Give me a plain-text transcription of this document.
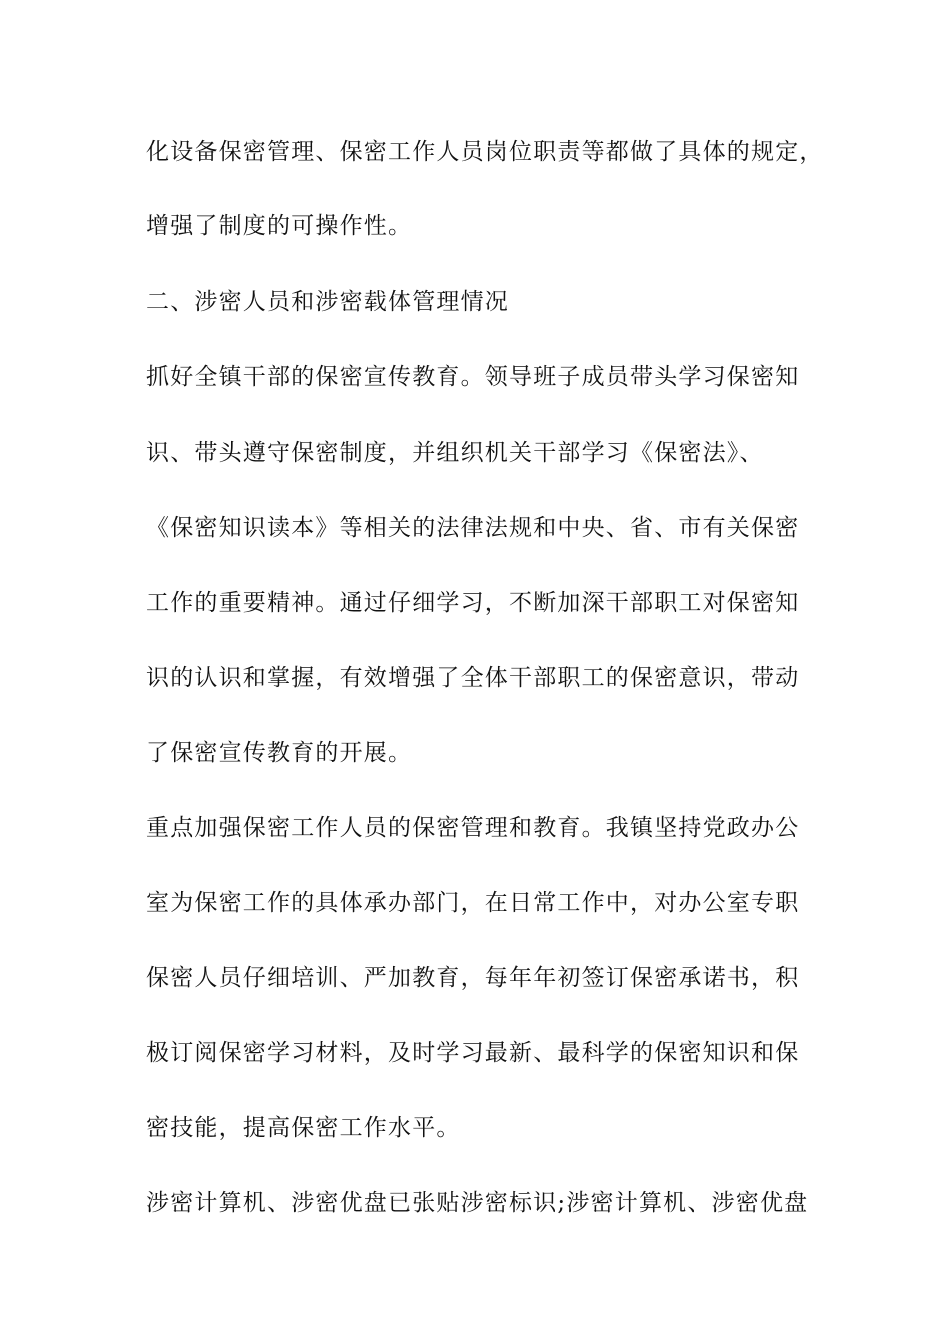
化设备保密管理、保密工作人员岗位职责等都做了具体的规定，
增强了制度的可操作性。
二、涉密人员和涉密载体管理情况
抓好全镇干部的保密宣传教育。领导班子成员带头学习保密知
识、带头遵守保密制度，并组织机关干部学习《保密法》、
《保密知识读本》等相关的法律法规和中央、省、市有关保密
工作的重要精神。通过仔细学习，不断加深干部职工对保密知
识的认识和掌握，有效增强了全体干部职工的保密意识，带动
了保密宣传教育的开展。
重点加强保密工作人员的保密管理和教育。我镇坚持党政办公
室为保密工作的具体承办部门，在日常工作中，对办公室专职
保密人员仔细培训、严加教育，每年年初签订保密承诺书，积
极订阅保密学习材料，及时学习最新、最科学的保密知识和保
密技能，提高保密工作水平。
涉密计算机、涉密优盘已张贴涉密标识;涉密计算机、涉密优盘
